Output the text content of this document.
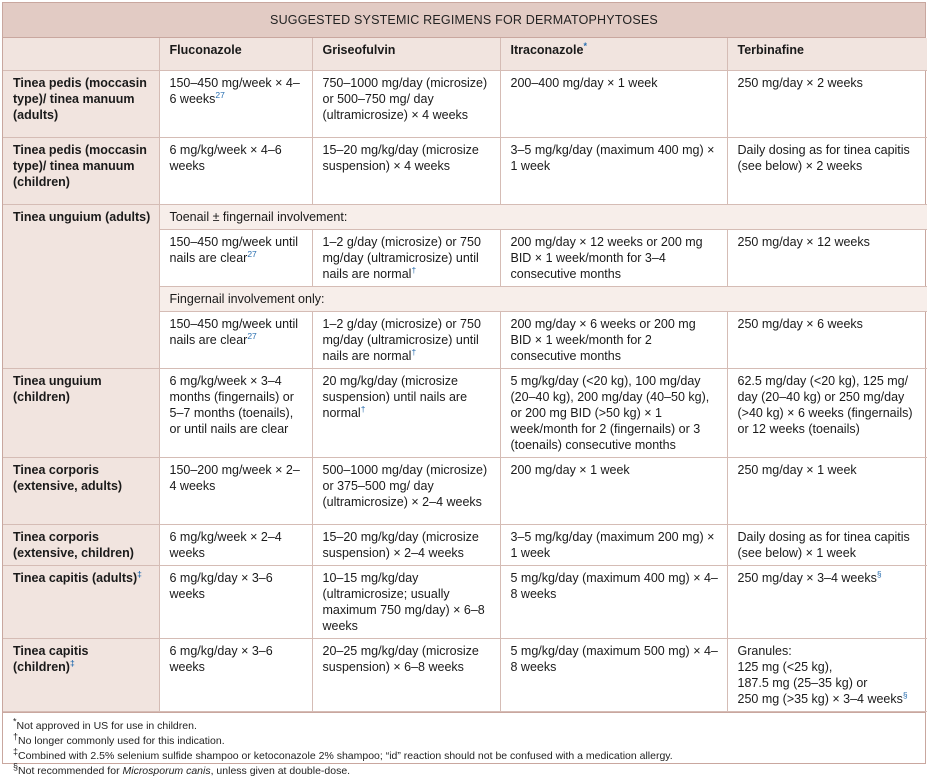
SUGGESTED SYSTEMIC REGIMENS FOR DERMATOPHYTOSES
	Fluconazole	Griseofulvin	Itraconazole*	Terbinafine
Tinea pedis (moccasin type)/ tinea manuum (adults)	150–450 mg/week × 4–6 weeks$^{27}$	750–1000 mg/day (microsize) or 500–750 mg/ day (ultramicrosize) × 4 weeks	200–400 mg/day × 1 week	250 mg/day × 2 weeks
Tinea pedis (moccasin type)/ tinea manuum (children)	6 mg/kg/week × 4–6 weeks	15–20 mg/kg/day (microsize suspension) × 4 weeks	3–5 mg/kg/day (maximum 400 mg) × 1 week	Daily dosing as for tinea capitis (see below) × 2 weeks
Tinea unguium (adults)	Toenail ± fingernail involvement:			
	150–450 mg/week until nails are clear$^{27}$	1–2 g/day (microsize) or 750 mg/day (ultramicrosize) until nails are normal†	200 mg/day × 12 weeks or 200 mg BID × 1 week/month for 3–4 consecutive months	250 mg/day × 12 weeks
	Fingernail involvement only:			
	150–450 mg/week until nails are clear$^{27}$	1–2 g/day (microsize) or 750 mg/day (ultramicrosize) until nails are normal†	200 mg/day × 6 weeks or 200 mg BID × 1 week/month for 2 consecutive months	250 mg/day × 6 weeks
Tinea unguium (children)	6 mg/kg/week × 3–4 months (fingernails) or 5–7 months (toenails), or until nails are clear	20 mg/kg/day (microsize suspension) until nails are normal†	5 mg/kg/day (<20 kg), 100 mg/day (20–40 kg), 200 mg/day (40–50 kg), or 200 mg BID (>50 kg) × 1 week/month for 2 (fingernails) or 3 (toenails) consecutive months	62.5 mg/day (<20 kg), 125 mg/ day (20–40 kg) or 250 mg/day (>40 kg) × 6 weeks (fingernails) or 12 weeks (toenails)
Tinea corporis (extensive, adults)	150–200 mg/week × 2–4 weeks	500–1000 mg/day (microsize) or 375–500 mg/ day (ultramicrosize) × 2–4 weeks	200 mg/day × 1 week	250 mg/day × 1 week
Tinea corporis (extensive, children)	6 mg/kg/week × 2–4 weeks	15–20 mg/kg/day (microsize suspension) × 2–4 weeks	3–5 mg/kg/day (maximum 200 mg) × 1 week	Daily dosing as for tinea capitis (see below) × 1 week
Tinea capitis (adults)‡	6 mg/kg/day × 3–6 weeks	10–15 mg/kg/day (ultramicrosize; usually maximum 750 mg/day) × 6–8 weeks	5 mg/kg/day (maximum 400 mg) × 4–8 weeks	250 mg/day × 3–4 weeks§
Tinea capitis (children)‡	6 mg/kg/day × 3–6 weeks	20–25 mg/kg/day (microsize suspension) × 6–8 weeks	5 mg/kg/day (maximum 500 mg) × 4–8 weeks	Granules:
125 mg (<25 kg),
187.5 mg (25–35 kg) or
250 mg (>35 kg) × 3–4 weeks§
*Not approved in US for use in children.
†No longer commonly used for this indication.
‡Combined with 2.5% selenium sulfide shampoo or ketoconazole 2% shampoo; “id” reaction should not be confused with a medication allergy.
§Not recommended for Microsporum canis, unless given at double-dose.
